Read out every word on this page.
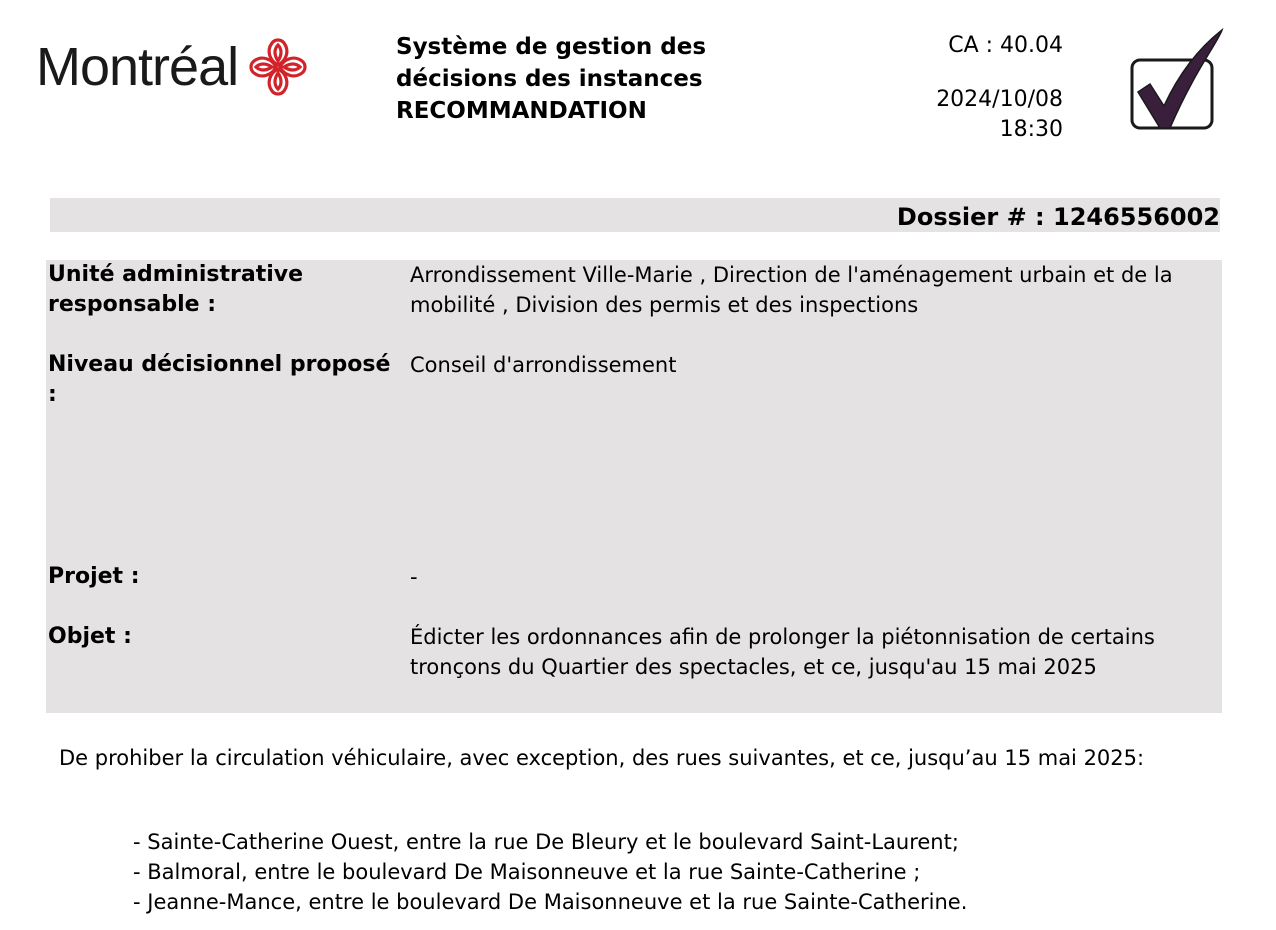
Montréal	Système de gestion des
décisions des instances
RECOMMANDATION
CA : 40.04
2024/10/08
18:30
Dossier # : 1246556002
Unité administrative responsable :
Arrondissement Ville-Marie , Direction de l'aménagement urbain et de la mobilité , Division des permis et des inspections
Niveau décisionnel proposé :
Conseil d'arrondissement
Projet :	-
Objet :	Édicter les ordonnances afin de prolonger la piétonnisation de certains tronçons du Quartier des spectacles, et ce, jusqu'au 15 mai 2025
De prohiber la circulation véhiculaire, avec exception, des rues suivantes, et ce, jusqu’au 15 mai 2025:
- Sainte-Catherine Ouest, entre la rue De Bleury et le boulevard Saint-Laurent;
- Balmoral, entre le boulevard De Maisonneuve et la rue Sainte-Catherine ;
- Jeanne-Mance, entre le boulevard De Maisonneuve et la rue Sainte-Catherine.
